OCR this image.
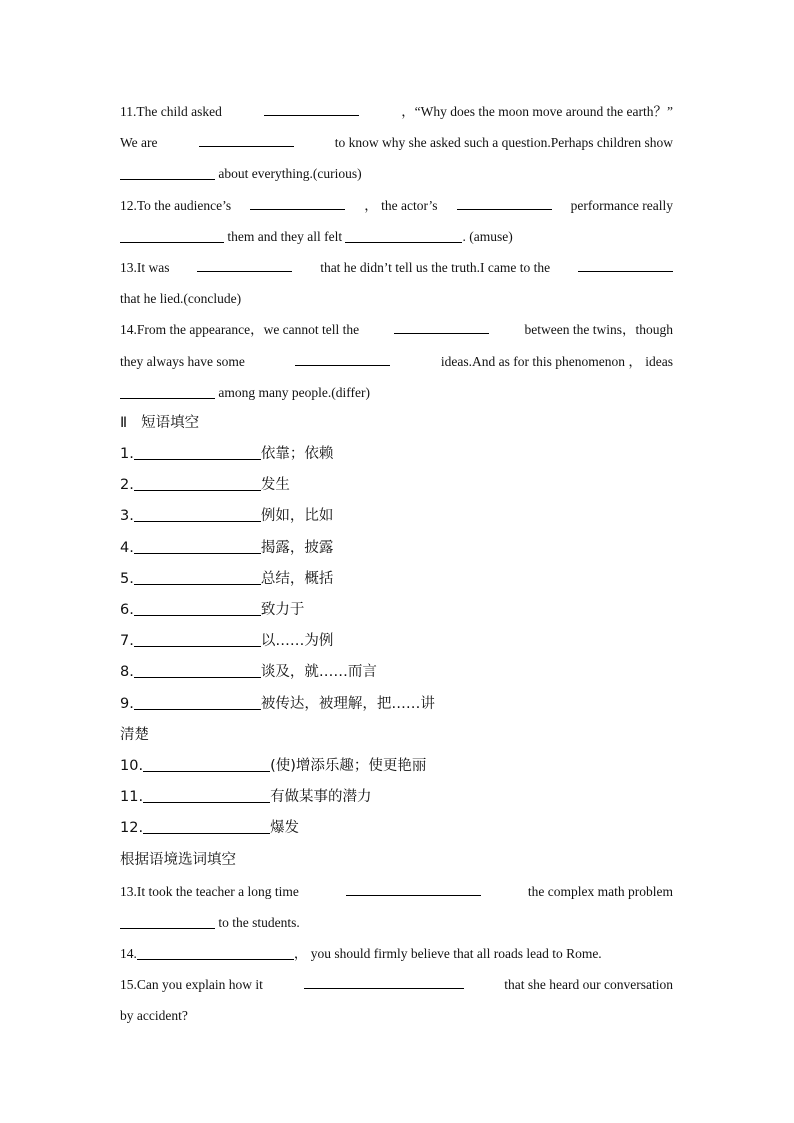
11.The child asked	，“Why does the moon move around the earth？”
We are	to know why she asked such a question.Perhaps children show
about everything.(curious)
12.To the audience’s	， the actor’s	performance really
them and they all felt	. (amuse)
13.It was	that he didn’t tell us the truth.I came to the
that he lied.(conclude)
14.From the appearance，we cannot tell the	between the twins，though
they always have some	ideas.And as for this phenomenon ， ideas
among many people.(differ)
Ⅱ 短语填空
1.	依靠；依赖
2.	发生
3.	例如，比如
4.	揭露，披露
5.	总结，概括
6.	致力于
7.	以……为例
8.	谈及，就……而言
9.	被传达，被理解，把……讲
清楚
10.	(使)增添乐趣；使更艳丽
11.	有做某事的潜力
12.	爆发
根据语境选词填空
13.It took the teacher a long time	the complex math problem
to the students.
14.	， you should firmly believe that all roads lead to Rome.
15.Can you explain how it	that she heard our conversation
by accident?
